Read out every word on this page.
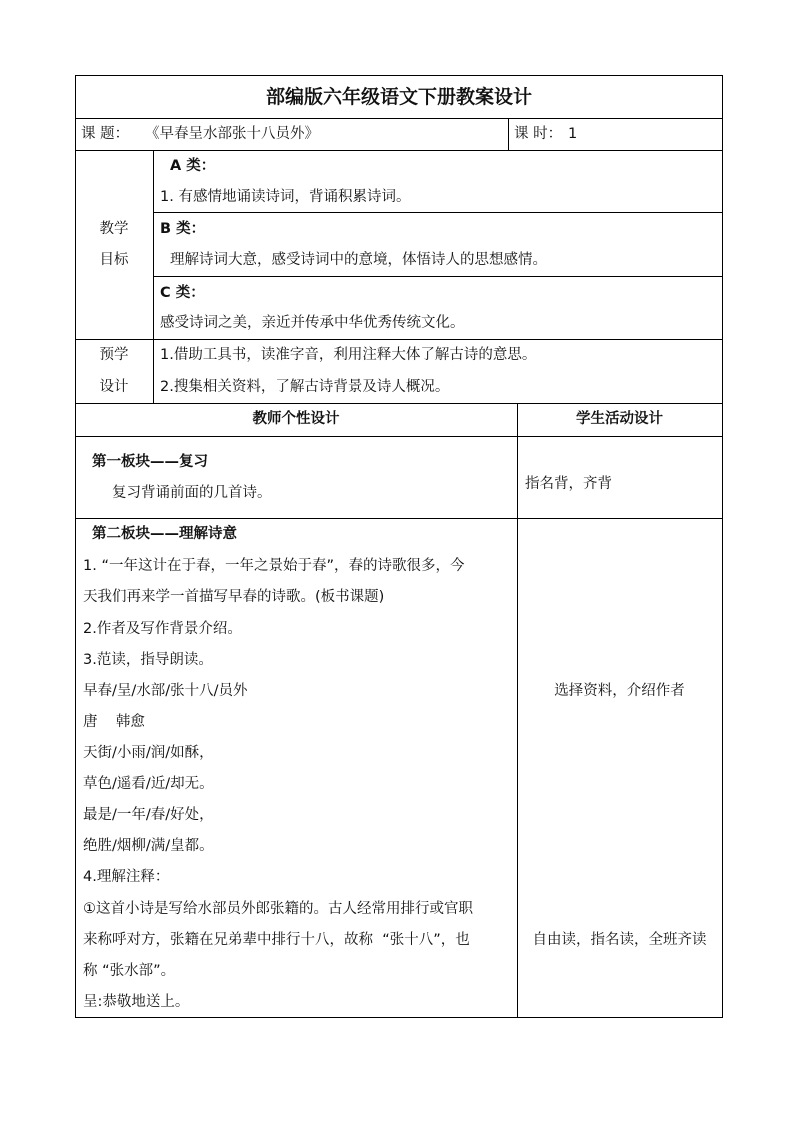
部编版六年级语文下册教案设计
课 题： 《早春呈水部张十八员外》	课 时： 1
教学
目标
A 类：
1. 有感情地诵读诗词，背诵积累诗词。
B 类：
理解诗词大意，感受诗词中的意境，体悟诗人的思想感情。
C 类：
感受诗词之美，亲近并传承中华优秀传统文化。
预学
设计
1.借助工具书，读准字音，利用注释大体了解古诗的意思。
2.搜集相关资料，了解古诗背景及诗人概况。
教师个性设计	学生活动设计
第一板块——复习
复习背诵前面的几首诗。
指名背，齐背
第二板块——理解诗意
1. “一年这计在于春，一年之景始于春”，春的诗歌很多，今
天我们再来学一首描写早春的诗歌。(板书课题)
2.作者及写作背景介绍。
3.范读，指导朗读。
早春/呈/水部/张十八/员外
唐    韩愈
天街/小雨/润/如酥，
草色/遥看/近/却无。
最是/一年/春/好处，
绝胜/烟柳/满/皇都。
4.理解注释：
①这首小诗是写给水部员外郎张籍的。古人经常用排行或官职
来称呼对方，张籍在兄弟辈中排行十八，故称  “张十八”，也
称 “张水部”。
呈:恭敬地送上。
选择资料，介绍作者
自由读，指名读，全班齐读
